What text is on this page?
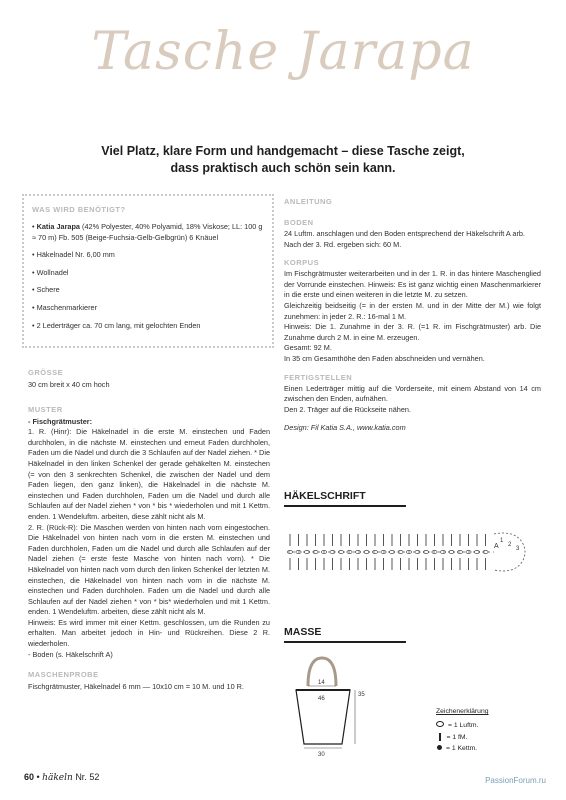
Tasche Jarapa
Viel Platz, klare Form und handgemacht – diese Tasche zeigt,
dass praktisch auch schön sein kann.
WAS WIRD BENÖTIGT?
• Katia Jarapa (42% Polyester, 40% Polyamid, 18% Viskose; LL: 100 g ≈ 70 m) Fb. 505 (Beige-Fuchsia-Gelb-Gelbgrün) 6 Knäuel
• Häkelnadel Nr. 6,00 mm
• Wollnadel
• Schere
• Maschenmarkierer
• 2 Lederträger ca. 70 cm lang, mit gelochten Enden
GRÖSSE
30 cm breit x 40 cm hoch
MUSTER
- Fischgrätmuster:
1. R. (Hinr): Die Häkelnadel in die erste M. einstechen und Faden durchholen, in die nächste M. einstechen und erneut Faden durchholen, Faden um die Nadel und durch die 3 Schlaufen auf der Nadel ziehen. * Die Häkelnadel in den linken Schenkel der gerade gehäkelten M. einstechen (= von den 3 senkrechten Schenkel, die zwischen der Nadel und dem Faden liegen, den ganz linken), die Häkelnadel in die nächste M. einstechen und Faden durchholen, Faden um die Nadel und durch alle Schlaufen auf der Nadel ziehen * von * bis * wiederholen und mit 1 Kettm. enden. 1 Wendeluftm. arbeiten, diese zählt nicht als M.
2. R. (Rück-R): Die Maschen werden von hinten nach vorn eingestochen. Die Häkelnadel von hinten nach vorn in die ersten M. einstechen und Faden durchholen, Faden um die Nadel und durch alle Schlaufen auf der Nadel ziehen (= erste feste Masche von hinten nach vorn). * Die Häkelnadel von hinten nach vorn durch den linken Schenkel der letzten M. einstechen, die Häkelnadel von hinten nach vorn in die nächste M. einstechen und Faden durchholen. Faden um die Nadel und durch alle Schlaufen auf der Nadel ziehen * von * bis* wiederholen und mit 1 Kettm. enden. 1 Wendeluftm. arbeiten, diese zählt nicht als M.
Hinweis: Es wird immer mit einer Kettm. geschlossen, um die Runden zu erhalten. Man arbeitet jedoch in Hin- und Rückreihen. Diese 2 R. wiederholen.
- Boden (s. Häkelschrift A)
MASCHENPROBE
Fischgrätmuster, Häkelnadel 6 mm — 10x10 cm = 10 M. und 10 R.
ANLEITUNG
BODEN
24 Luftm. anschlagen und den Boden entsprechend der Häkelschrift A arb.
Nach der 3. Rd. ergeben sich: 60 M.
KORPUS
Im Fischgrätmuster weiterarbeiten und in der 1. R. in das hintere Maschenglied der Vorrunde einstechen. Hinweis: Es ist ganz wichtig einen Maschenmarkierer in die erste und einen weiteren in die letzte M. zu setzen.
Gleichzeitig beidseitig (= in der ersten M. und in der Mitte der M.) wie folgt zunehmen: in jeder 2. R.: 16-mal 1 M.
Hinweis: Die 1. Zunahme in der 3. R. (=1 R. im Fischgrätmuster) arb. Die Zunahme durch 2 M. in eine M. erzeugen.
Gesamt: 92 M.
In 35 cm Gesamthöhe den Faden abschneiden und vernähen.
FERTIGSTELLEN
Einen Lederträger mittig auf die Vorderseite, mit einem Abstand von 14 cm zwischen den Enden, aufnähen.
Den 2. Träger auf die Rückseite nähen.
Design: Fil Katia S.A., www.katia.com
HÄKELSCHRIFT
1
2
3
A
MASSE
14
46
35
30
Zeichenerklärung
= 1 Luftm.
= 1 fM.
= 1 Kettm.
60 • häkeln Nr. 52	PassionForum.ru
